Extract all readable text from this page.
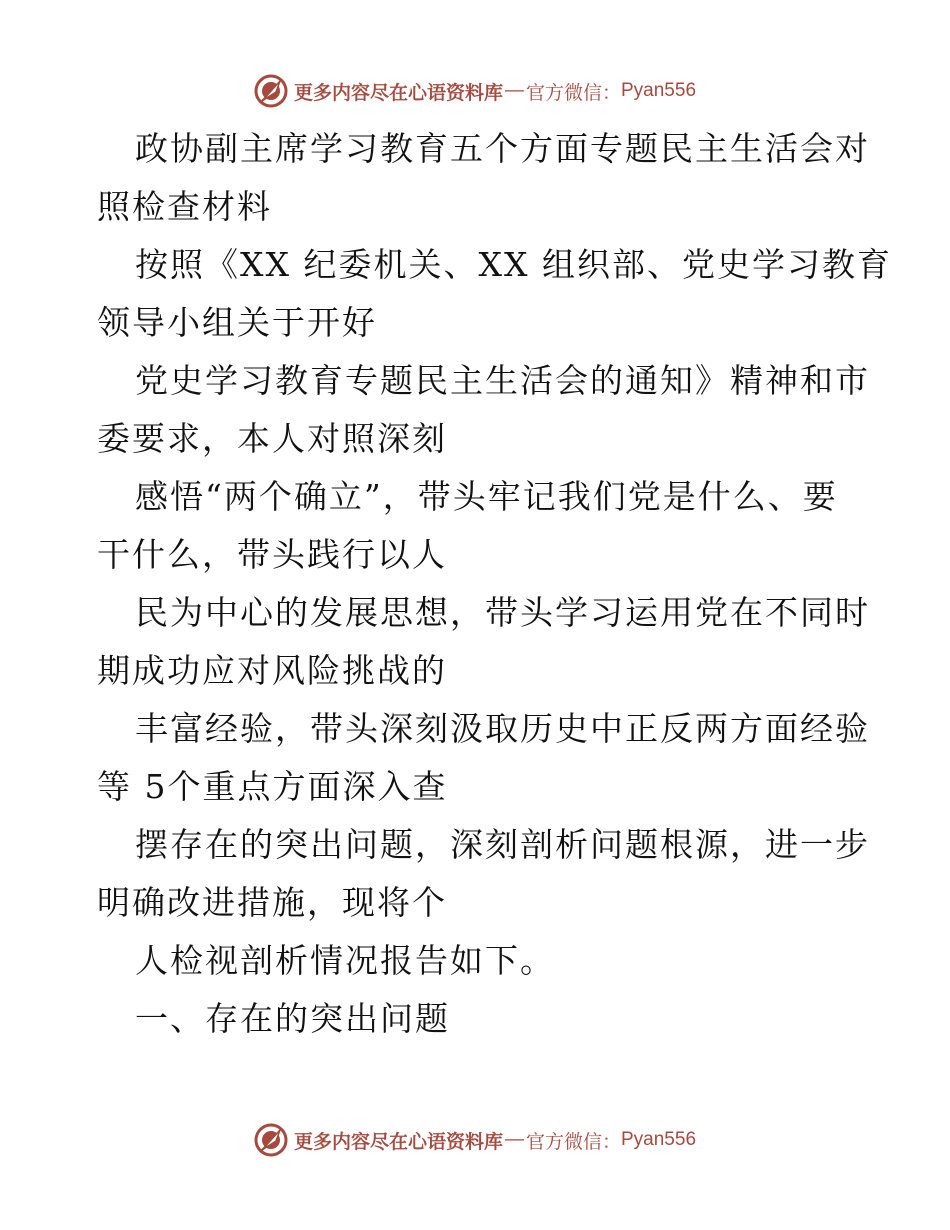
更多内容尽在心语资料库 — 官方微信： Pyan556
政协副主席学习教育五个方面专题民主生活会对
照检查材料
按照《XX 纪委机关、XX 组织部、党史学习教育
领导小组关于开好
党史学习教育专题民主生活会的通知》精神和市
委要求，本人对照深刻
感悟“两个确立”，带头牢记我们党是什么、要
干什么，带头践行以人
民为中心的发展思想，带头学习运用党在不同时
期成功应对风险挑战的
丰富经验，带头深刻汲取历史中正反两方面经验
等 5个重点方面深入查
摆存在的突出问题，深刻剖析问题根源，进一步
明确改进措施，现将个
人检视剖析情况报告如下。
一、存在的突出问题
更多内容尽在心语资料库 — 官方微信： Pyan556
